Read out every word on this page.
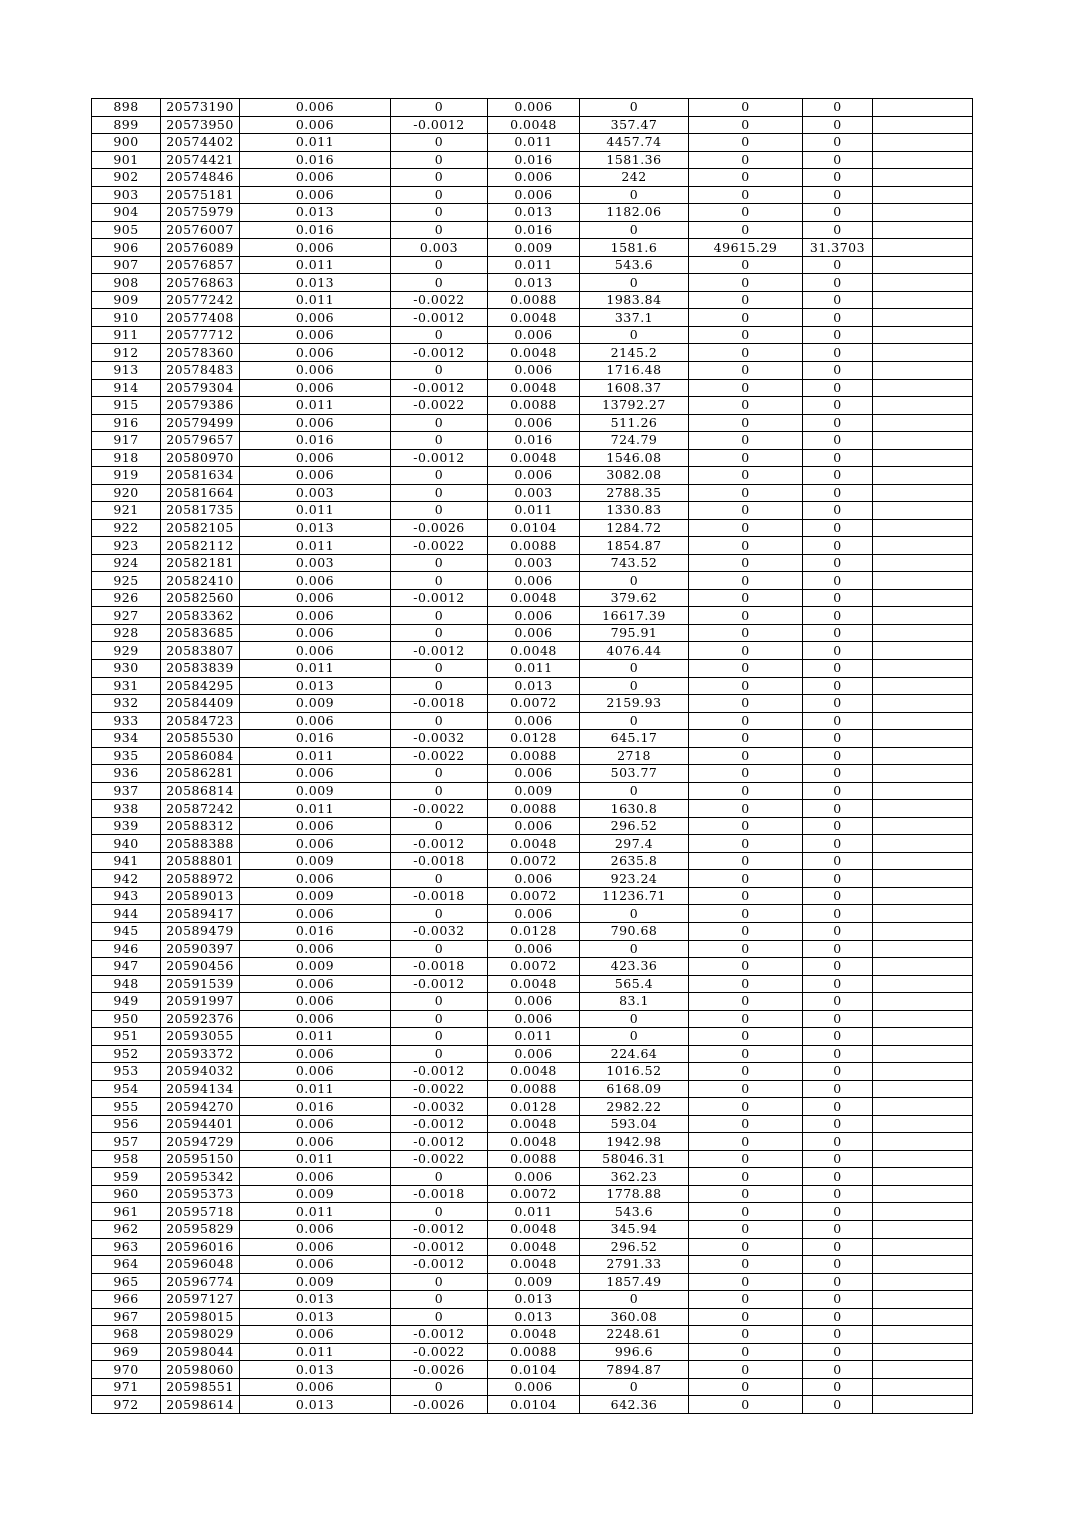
898	20573190	0.006	0	0.006	0	0	0	
899	20573950	0.006	-0.0012	0.0048	357.47	0	0	
900	20574402	0.011	0	0.011	4457.74	0	0	
901	20574421	0.016	0	0.016	1581.36	0	0	
902	20574846	0.006	0	0.006	242	0	0	
903	20575181	0.006	0	0.006	0	0	0	
904	20575979	0.013	0	0.013	1182.06	0	0	
905	20576007	0.016	0	0.016	0	0	0	
906	20576089	0.006	0.003	0.009	1581.6	49615.29	31.3703	
907	20576857	0.011	0	0.011	543.6	0	0	
908	20576863	0.013	0	0.013	0	0	0	
909	20577242	0.011	-0.0022	0.0088	1983.84	0	0	
910	20577408	0.006	-0.0012	0.0048	337.1	0	0	
911	20577712	0.006	0	0.006	0	0	0	
912	20578360	0.006	-0.0012	0.0048	2145.2	0	0	
913	20578483	0.006	0	0.006	1716.48	0	0	
914	20579304	0.006	-0.0012	0.0048	1608.37	0	0	
915	20579386	0.011	-0.0022	0.0088	13792.27	0	0	
916	20579499	0.006	0	0.006	511.26	0	0	
917	20579657	0.016	0	0.016	724.79	0	0	
918	20580970	0.006	-0.0012	0.0048	1546.08	0	0	
919	20581634	0.006	0	0.006	3082.08	0	0	
920	20581664	0.003	0	0.003	2788.35	0	0	
921	20581735	0.011	0	0.011	1330.83	0	0	
922	20582105	0.013	-0.0026	0.0104	1284.72	0	0	
923	20582112	0.011	-0.0022	0.0088	1854.87	0	0	
924	20582181	0.003	0	0.003	743.52	0	0	
925	20582410	0.006	0	0.006	0	0	0	
926	20582560	0.006	-0.0012	0.0048	379.62	0	0	
927	20583362	0.006	0	0.006	16617.39	0	0	
928	20583685	0.006	0	0.006	795.91	0	0	
929	20583807	0.006	-0.0012	0.0048	4076.44	0	0	
930	20583839	0.011	0	0.011	0	0	0	
931	20584295	0.013	0	0.013	0	0	0	
932	20584409	0.009	-0.0018	0.0072	2159.93	0	0	
933	20584723	0.006	0	0.006	0	0	0	
934	20585530	0.016	-0.0032	0.0128	645.17	0	0	
935	20586084	0.011	-0.0022	0.0088	2718	0	0	
936	20586281	0.006	0	0.006	503.77	0	0	
937	20586814	0.009	0	0.009	0	0	0	
938	20587242	0.011	-0.0022	0.0088	1630.8	0	0	
939	20588312	0.006	0	0.006	296.52	0	0	
940	20588388	0.006	-0.0012	0.0048	297.4	0	0	
941	20588801	0.009	-0.0018	0.0072	2635.8	0	0	
942	20588972	0.006	0	0.006	923.24	0	0	
943	20589013	0.009	-0.0018	0.0072	11236.71	0	0	
944	20589417	0.006	0	0.006	0	0	0	
945	20589479	0.016	-0.0032	0.0128	790.68	0	0	
946	20590397	0.006	0	0.006	0	0	0	
947	20590456	0.009	-0.0018	0.0072	423.36	0	0	
948	20591539	0.006	-0.0012	0.0048	565.4	0	0	
949	20591997	0.006	0	0.006	83.1	0	0	
950	20592376	0.006	0	0.006	0	0	0	
951	20593055	0.011	0	0.011	0	0	0	
952	20593372	0.006	0	0.006	224.64	0	0	
953	20594032	0.006	-0.0012	0.0048	1016.52	0	0	
954	20594134	0.011	-0.0022	0.0088	6168.09	0	0	
955	20594270	0.016	-0.0032	0.0128	2982.22	0	0	
956	20594401	0.006	-0.0012	0.0048	593.04	0	0	
957	20594729	0.006	-0.0012	0.0048	1942.98	0	0	
958	20595150	0.011	-0.0022	0.0088	58046.31	0	0	
959	20595342	0.006	0	0.006	362.23	0	0	
960	20595373	0.009	-0.0018	0.0072	1778.88	0	0	
961	20595718	0.011	0	0.011	543.6	0	0	
962	20595829	0.006	-0.0012	0.0048	345.94	0	0	
963	20596016	0.006	-0.0012	0.0048	296.52	0	0	
964	20596048	0.006	-0.0012	0.0048	2791.33	0	0	
965	20596774	0.009	0	0.009	1857.49	0	0	
966	20597127	0.013	0	0.013	0	0	0	
967	20598015	0.013	0	0.013	360.08	0	0	
968	20598029	0.006	-0.0012	0.0048	2248.61	0	0	
969	20598044	0.011	-0.0022	0.0088	996.6	0	0	
970	20598060	0.013	-0.0026	0.0104	7894.87	0	0	
971	20598551	0.006	0	0.006	0	0	0	
972	20598614	0.013	-0.0026	0.0104	642.36	0	0	
